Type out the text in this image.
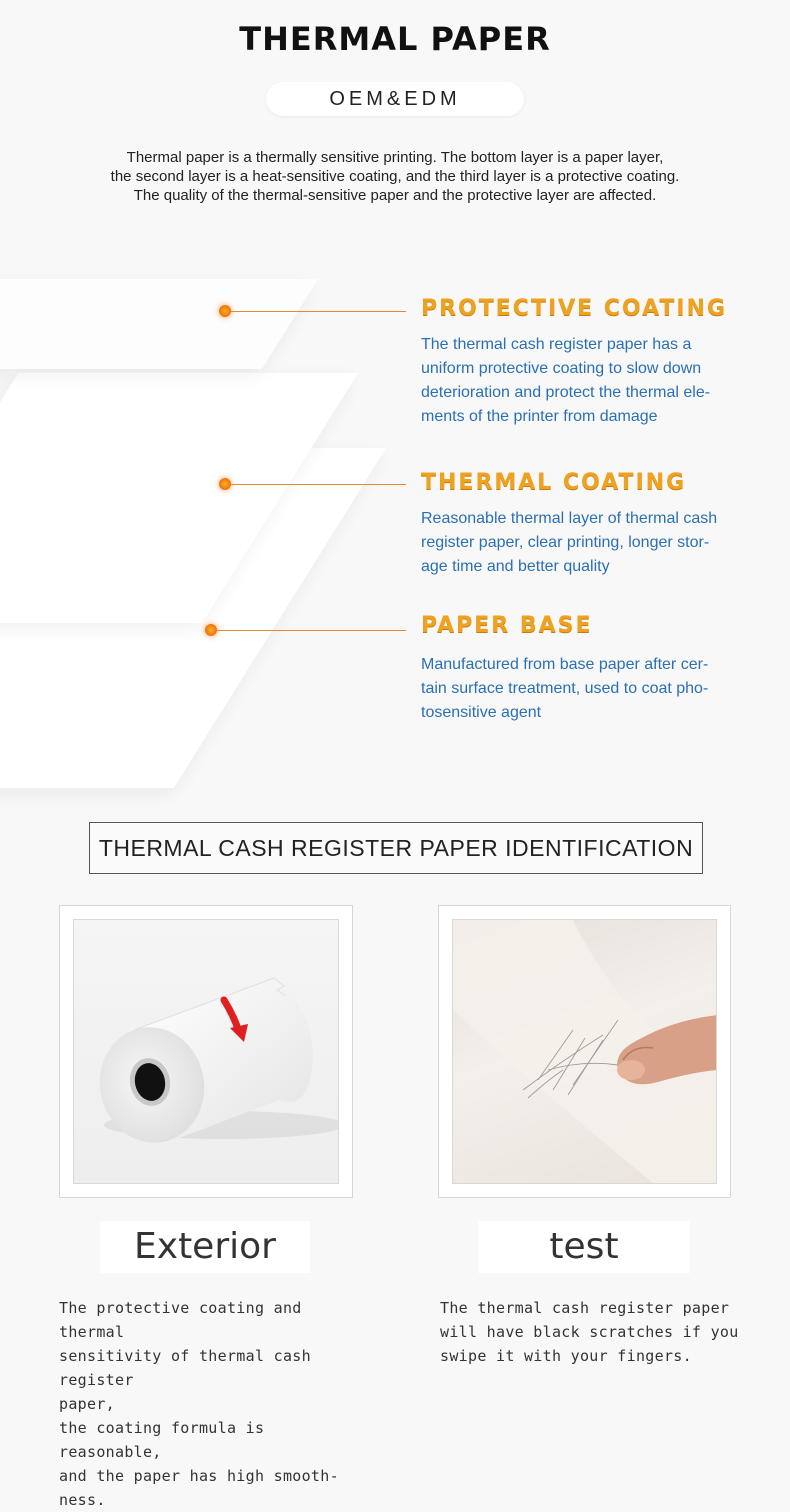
THERMAL PAPER
OEM&EDM
Thermal paper is a thermally sensitive printing. The bottom layer is a paper layer,
the second layer is a heat-sensitive coating, and the third layer is a protective coating.
The quality of the thermal-sensitive paper and the protective layer are affected.
PROTECTIVE COATING
The thermal cash register paper has a
uniform protective coating to slow down
deterioration and protect the thermal ele-
ments of the printer from damage
THERMAL COATING
Reasonable thermal layer of thermal cash
register paper, clear printing, longer stor-
age time and better quality
PAPER BASE
Manufactured from base paper after cer-
tain surface treatment, used to coat pho-
tosensitive agent
THERMAL CASH REGISTER PAPER IDENTIFICATION
Exterior	test
The protective coating and thermal
sensitivity of thermal cash register
paper,
the coating formula is reasonable,
and the paper has high smooth-
ness.
The thermal cash register paper
will have black scratches if you
swipe it with your fingers.
